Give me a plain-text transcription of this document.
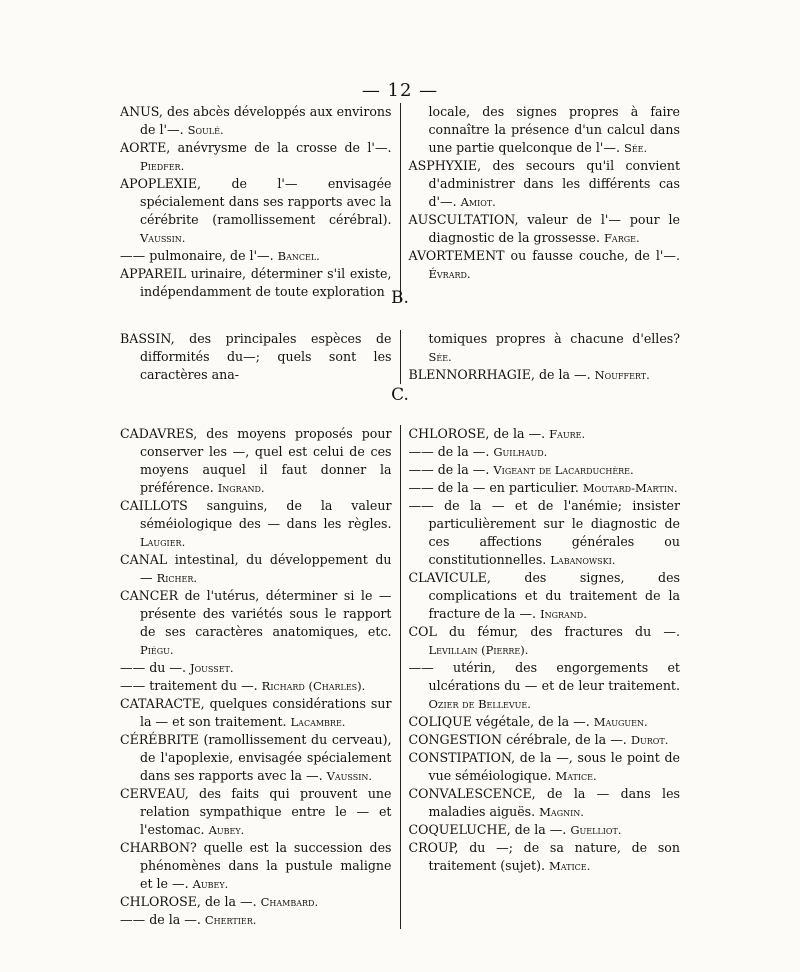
— 12 —
ANUS, des abcès développés aux environs de l'—. Soulé.
AORTE, anévrysme de la crosse de l'—. Piedfer.
APOPLEXIE, de l'— envisagée spécialement dans ses rapports avec la cérébrite (ramollissement cérébral). Vaussin.
—— pulmonaire, de l'—. Bancel.
APPAREIL urinaire, déterminer s'il existe, indépendamment de toute exploration
locale, des signes propres à faire connaître la présence d'un calcul dans une partie quelconque de l'—. Sée.
ASPHYXIE, des secours qu'il convient d'administrer dans les différents cas d'—. Amiot.
AUSCULTATION, valeur de l'— pour le diagnostic de la grossesse. Farge.
AVORTEMENT ou fausse couche, de l'—. Évrard.
B.
BASSIN, des principales espèces de difformités du—; quels sont les caractères ana-
tomiques propres à chacune d'elles? Sée.
BLENNORRHAGIE, de la —. Nouffert.
C.
CADAVRES, des moyens proposés pour conserver les —, quel est celui de ces moyens auquel il faut donner la préférence. Ingrand.
CAILLOTS sanguins, de la valeur séméiologique des — dans les règles. Laugier.
CANAL intestinal, du développement du — Richer.
CANCER de l'utérus, déterminer si le — présente des variétés sous le rapport de ses caractères anatomiques, etc. Piégu.
—— du —. Jousset.
—— traitement du —. Richard (Charles).
CATARACTE, quelques considérations sur la — et son traitement. Lacambre.
CÉRÉBRITE (ramollissement du cerveau), de l'apoplexie, envisagée spécialement dans ses rapports avec la —. Vaussin.
CERVEAU, des faits qui prouvent une relation sympathique entre le — et l'estomac. Aubey.
CHARBON? quelle est la succession des phénomènes dans la pustule maligne et le —. Aubey.
CHLOROSE, de la —. Chambard.
—— de la —. Chertier.
CHLOROSE, de la —. Faure.
—— de la —. Guilhaud.
—— de la —. Vigeant de Lacarduchère.
—— de la — en particulier. Moutard-Martin.
—— de la — et de l'anémie; insister particulièrement sur le diagnostic de ces affections générales ou constitutionnelles. Labanowski.
CLAVICULE, des signes, des complications et du traitement de la fracture de la —. Ingrand.
COL du fémur, des fractures du —. Levillain (Pierre).
—— utérin, des engorgements et ulcérations du — et de leur traitement. Ozier de Bellevue.
COLIQUE végétale, de la —. Mauguen.
CONGESTION cérébrale, de la —. Durot.
CONSTIPATION, de la —, sous le point de vue séméiologique. Matice.
CONVALESCENCE, de la — dans les maladies aiguës. Magnin.
COQUELUCHE, de la —. Guelliot.
CROUP, du —; de sa nature, de son traitement (sujet). Matice.
